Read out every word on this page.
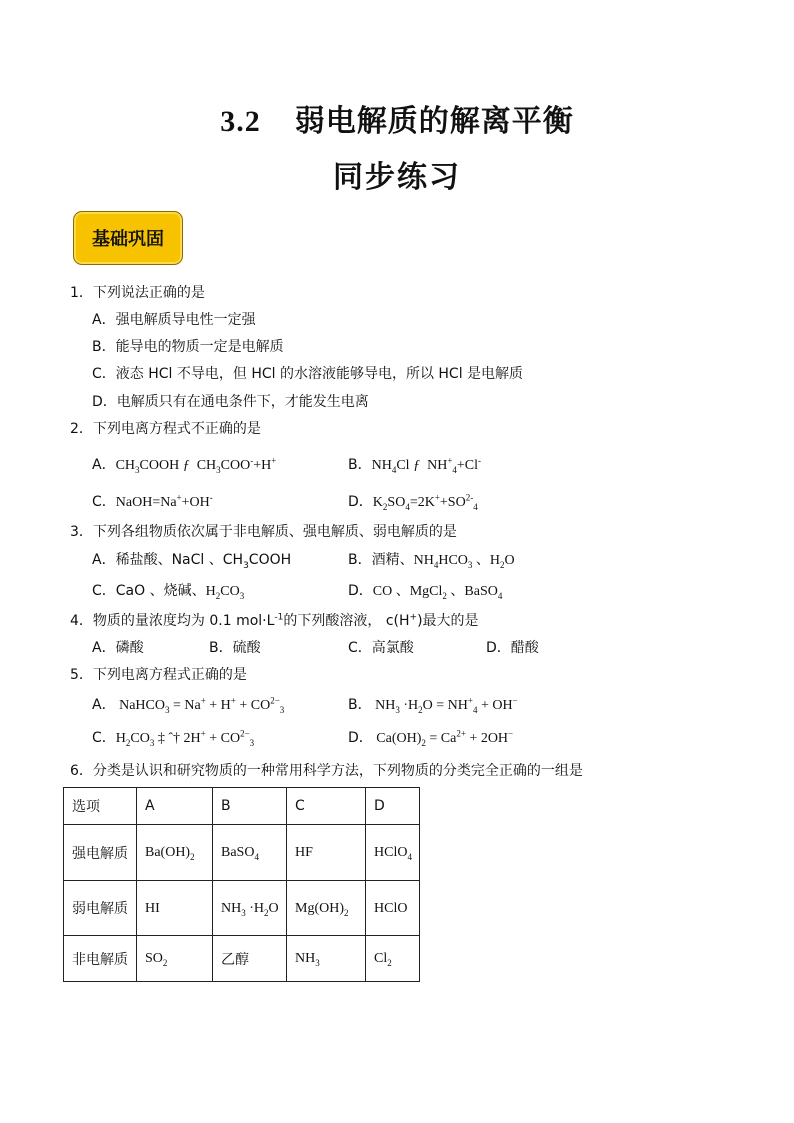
3.2 弱电解质的解离平衡
同步练习
基础巩固
1．下列说法正确的是
A．强电解质导电性一定强
B．能导电的物质一定是电解质
C．液态 HCl 不导电，但 HCl 的水溶液能够导电，所以 HCl 是电解质
D．电解质只有在通电条件下，才能发生电离
2．下列电离方程式不正确的是
A．$CH_3COOH$ ƒ  $CH_3COO^-+H^+$	B．$NH_4Cl$ ƒ  $NH^+_4+Cl^-$
C．NaOH=Na++OH-	D．$K_2SO_4=2K^++SO^{2-}_4$
3．下列各组物质依次属于非电解质、强电解质、弱电解质的是
A．稀盐酸、NaCl 、$CH_3COOH$	B．酒精、$NH_4HCO_3$ 、$H_2O$
C．CaO 、烧碱、$H_2CO_3$	D．CO 、MgCl$_2$ 、BaSO$_4$
4．物质的量浓度均为 0.1 $mol\cdot L^{-1}$的下列酸溶液， c(H+)最大的是
A．磷酸	B．硫酸	C．高氯酸	D．醋酸
5．下列电离方程式正确的是
A． NaHCO$_3$ = $Na^+ + H^+ + CO^{2-}_3$	B． $NH_3 \cdot H_2O = NH^+_4 + OH^-$
C．$H_2CO_3$ ‡ ˆ† $2H^+ + CO^{2-}_3$	D． $Ca(OH)_2 = Ca^{2+} + 2OH^-$
6．分类是认识和研究物质的一种常用科学方法，下列物质的分类完全正确的一组是
选项	A	B	C	D
强电解质	$Ba(OH)_2$	BaSO$_4$	HF	HClO$_4$
弱电解质	HI	$NH_3 \cdot H_2O$	$Mg(OH)_2$	HClO
非电解质	$SO_2$	乙醇	$NH_3$	$Cl_2$
